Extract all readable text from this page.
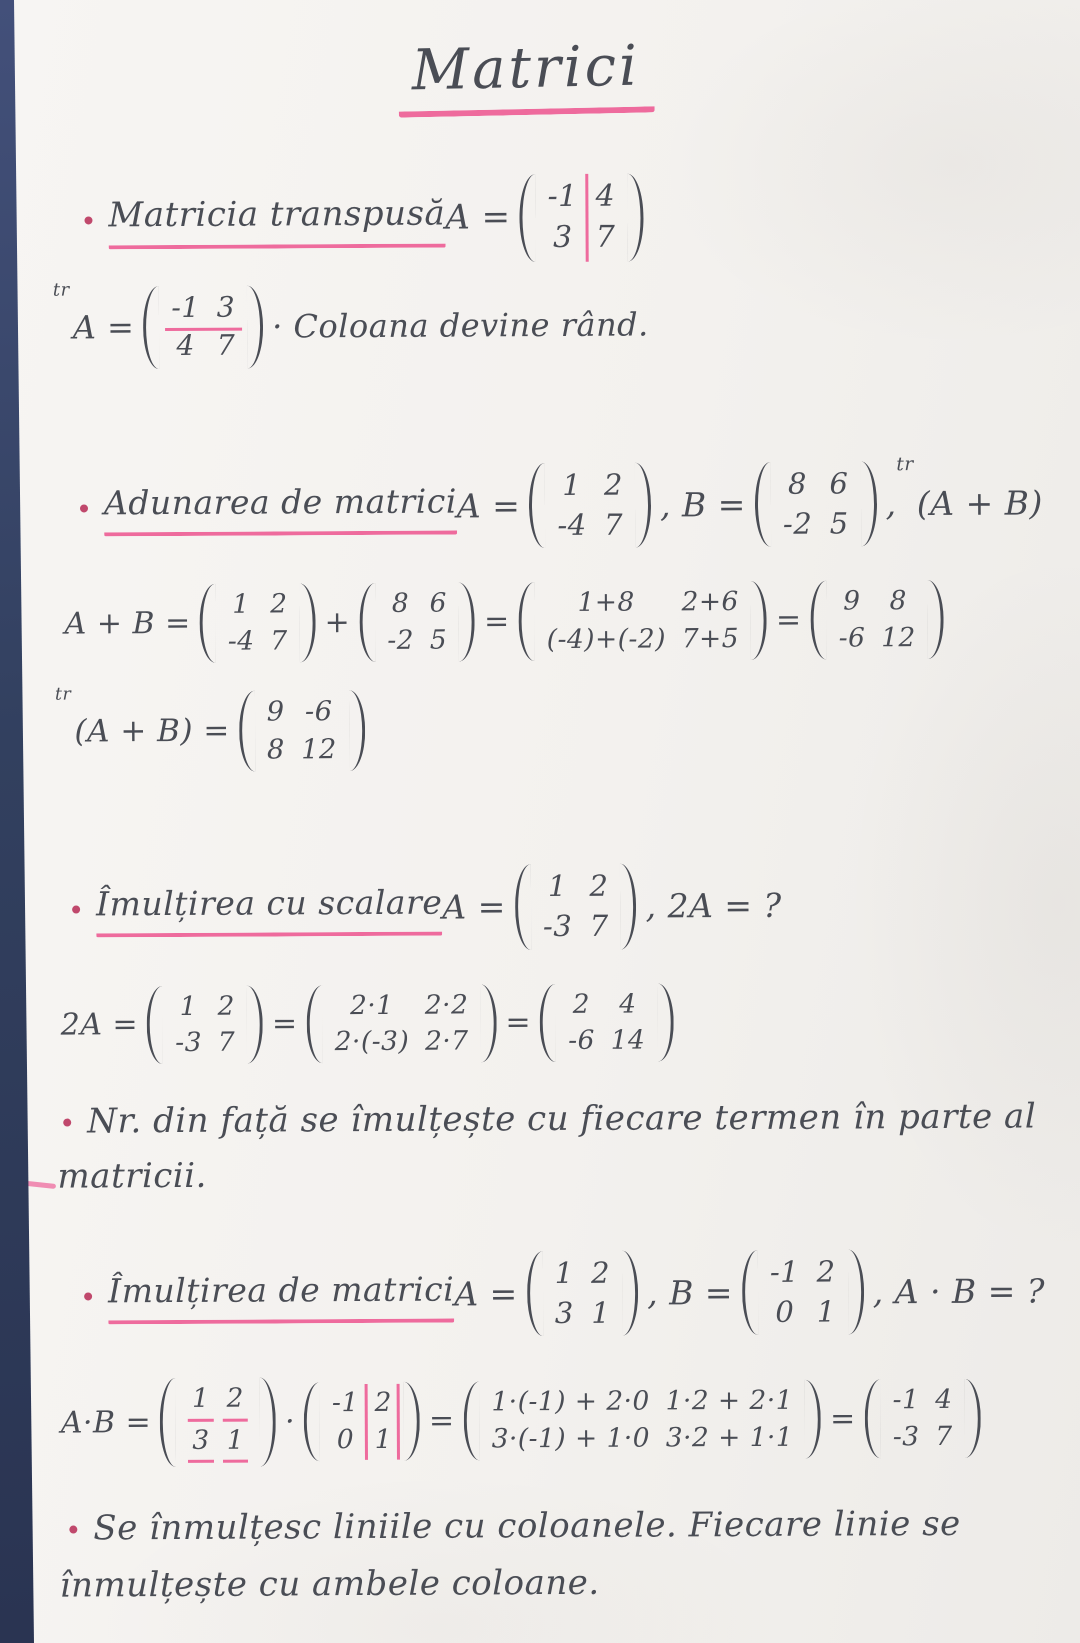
Matrici
Matricia transpusă A =
-1 4
3 7
tr
A =
-1 3
4 7 · Coloana devine rând.
Adunarea de matrici A =
1 2
-4 7
, B =
8 6
-2 5
,
tr
(A + B)
A + B =
1 2
-4 7
+
8 6
-2 5
=
1+8 2+6
(-4)+(-2) 7+5
=
9 8
-6 12
tr
(A + B) =
9 -6
8 12
Îmulțirea cu scalare A =
1 2
-3 7
, 2A = ?
2A =
1 2
-3 7
=
2·1 2·2
2·(-3) 2·7
=
2 4
-6 14
Nr. din față se îmulțește cu fiecare termen în parte al
matricii.
Îmulțirea de matrici A =
1 2
3 1
, B =
-1 2
0 1
, A · B = ?
A·B =
1 2
3 1
·
-1 2
0 1
=
1·(-1) + 2·0 1·2 + 2·1
3·(-1) + 1·0 3·2 + 1·1
=
-1 4
-3 7
Se înmulțesc liniile cu coloanele. Fiecare linie se
înmulțește cu ambele coloane.
